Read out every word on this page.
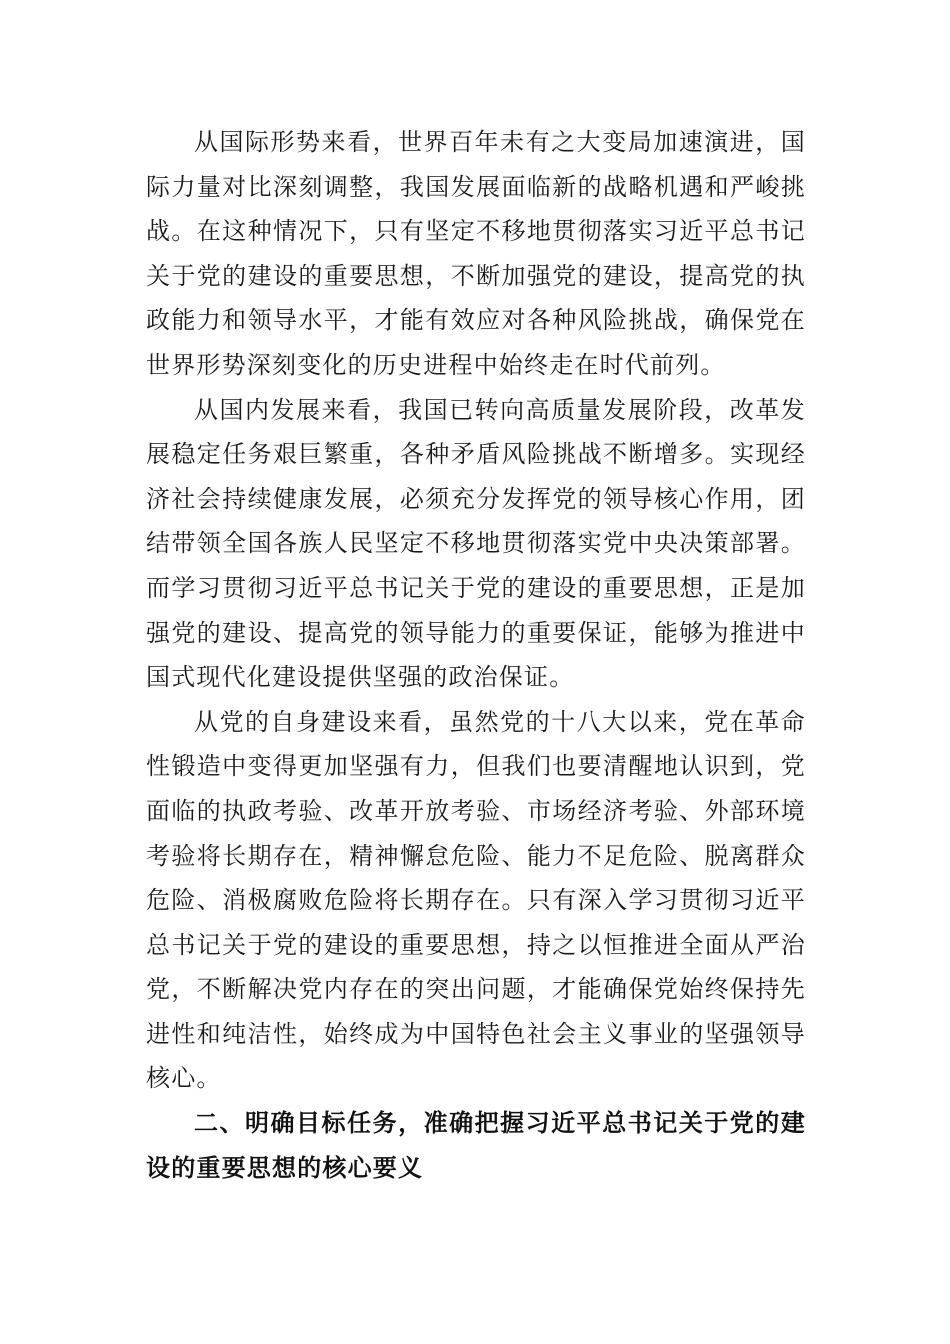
从国际形势来看，世界百年未有之大变局加速演进，国际力量对比深刻调整，我国发展面临新的战略机遇和严峻挑战。在这种情况下，只有坚定不移地贯彻落实习近平总书记关于党的建设的重要思想，不断加强党的建设，提高党的执政能力和领导水平，才能有效应对各种风险挑战，确保党在世界形势深刻变化的历史进程中始终走在时代前列。

从国内发展来看，我国已转向高质量发展阶段，改革发展稳定任务艰巨繁重，各种矛盾风险挑战不断增多。实现经济社会持续健康发展，必须充分发挥党的领导核心作用，团结带领全国各族人民坚定不移地贯彻落实党中央决策部署。而学习贯彻习近平总书记关于党的建设的重要思想，正是加强党的建设、提高党的领导能力的重要保证，能够为推进中国式现代化建设提供坚强的政治保证。

从党的自身建设来看，虽然党的十八大以来，党在革命性锻造中变得更加坚强有力，但我们也要清醒地认识到，党面临的执政考验、改革开放考验、市场经济考验、外部环境考验将长期存在，精神懈怠危险、能力不足危险、脱离群众危险、消极腐败危险将长期存在。只有深入学习贯彻习近平总书记关于党的建设的重要思想，持之以恒推进全面从严治党，不断解决党内存在的突出问题，才能确保党始终保持先进性和纯洁性，始终成为中国特色社会主义事业的坚强领导核心。

二、明确目标任务，准确把握习近平总书记关于党的建设的重要思想的核心要义
